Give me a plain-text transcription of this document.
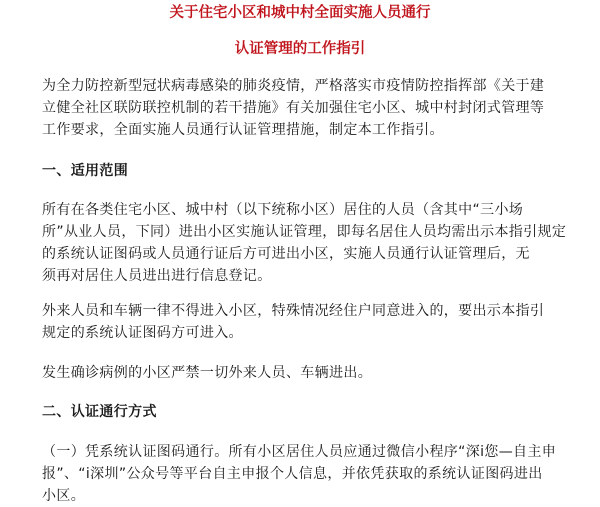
关于住宅小区和城中村全面实施人员通行
认证管理的工作指引
为全力防控新型冠状病毒感染的肺炎疫情，严格落实市疫情防控指挥部《关于建
立健全社区联防联控机制的若干措施》有关加强住宅小区、城中村封闭式管理等
工作要求，全面实施人员通行认证管理措施，制定本工作指引。
一、适用范围
所有在各类住宅小区、城中村（以下统称小区）居住的人员（含其中“三小场
所”从业人员，下同）进出小区实施认证管理，即每名居住人员均需出示本指引规定
的系统认证图码或人员通行证后方可进出小区，实施人员通行认证管理后，无
须再对居住人员进出进行信息登记。
外来人员和车辆一律不得进入小区，特殊情况经住户同意进入的，要出示本指引
规定的系统认证图码方可进入。
发生确诊病例的小区严禁一切外来人员、车辆进出。
二、认证通行方式
（一）凭系统认证图码通行。所有小区居住人员应通过微信小程序“深i您—自主申
报”、“i深圳”公众号等平台自主申报个人信息，并依凭获取的系统认证图码进出
小区。
